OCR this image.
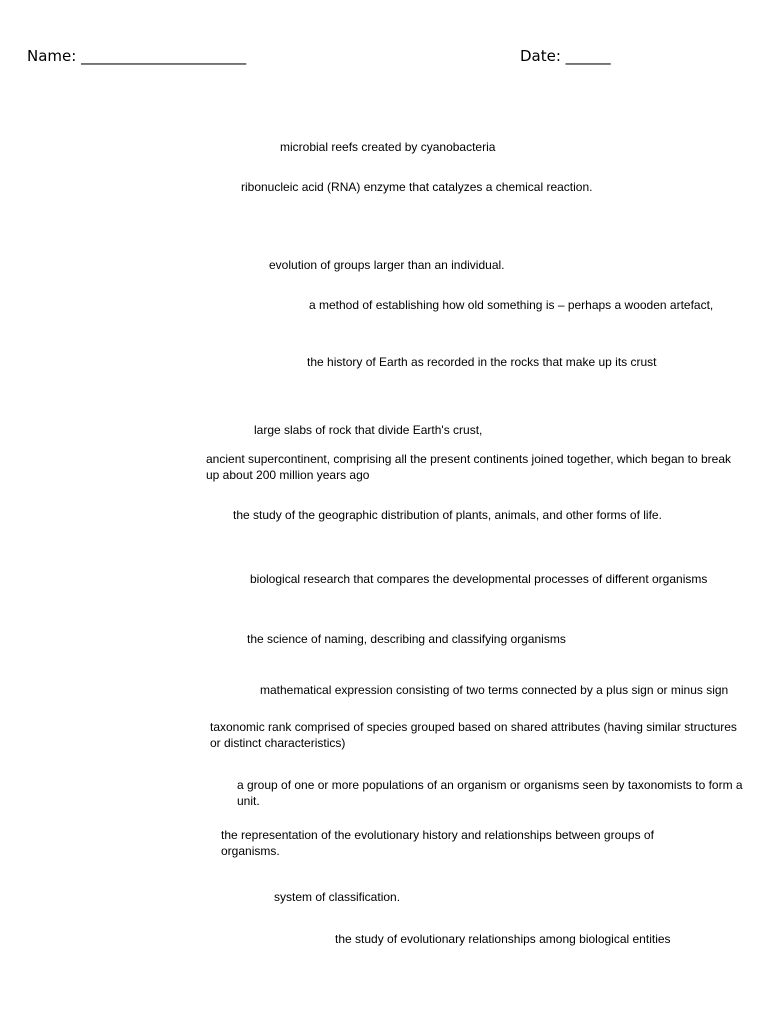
Name: ______________________	Date: ______
microbial reefs created by cyanobacteria
ribonucleic acid (RNA) enzyme that catalyzes a chemical reaction.
evolution of groups larger than an individual.
a method of establishing how old something is – perhaps a wooden artefact,
the history of Earth as recorded in the rocks that make up its crust
large slabs of rock that divide Earth's crust,
ancient supercontinent, comprising all the present continents joined together, which began to break up about 200 million years ago
the study of the geographic distribution of plants, animals, and other forms of life.
biological research that compares the developmental processes of different organisms
the science of naming, describing and classifying organisms
mathematical expression consisting of two terms connected by a plus sign or minus sign
taxonomic rank comprised of species grouped based on shared attributes (having similar structures or distinct characteristics)
a group of one or more populations of an organism or organisms seen by taxonomists to form a unit.
the representation of the evolutionary history and relationships between groups of organisms.
system of classification.
the study of evolutionary relationships among biological entities
